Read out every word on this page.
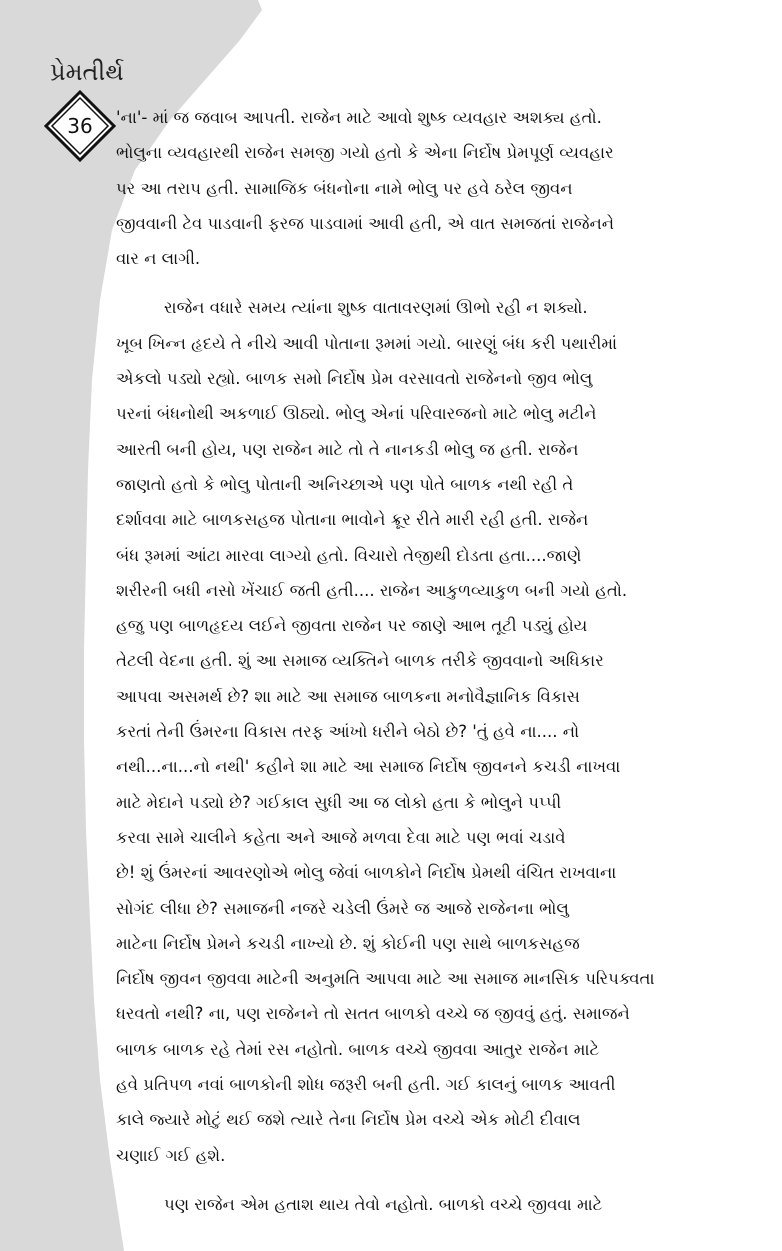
પ્રેમતીર્થ
36	'ના'- માં જ જવાબ આપતી. રાજેન માટે આવો શુષ્ક વ્યવહાર અશક્ય હતો.
ભોલુના વ્યવહારથી રાજેન સમજી ગયો હતો કે એના નિર્દોષ પ્રેમપૂર્ણ વ્યવહાર
પર આ તરાપ હતી. સામાજિક બંધનોના નામે ભોલુ પર હવે ઠરેલ જીવન
જીવવાની ટેવ પાડવાની ફરજ પાડવામાં આવી હતી, એ વાત સમજતાં રાજેનને
વાર ન લાગી.

રાજેન વધારે સમય ત્યાંના શુષ્ક વાતાવરણમાં ઊભો રહી ન શક્યો.
ખૂબ ખિન્ન હૃદયે તે નીચે આવી પોતાના રૂમમાં ગયો. બારણું બંધ કરી પથારીમાં
એકલો પડ્યો રહ્યો. બાળક સમો નિર્દોષ પ્રેમ વરસાવતો રાજેનનો જીવ ભોલુ
પરનાં બંધનોથી અકળાઈ ઊઠ્યો. ભોલુ એનાં પરિવારજનો માટે ભોલુ મટીને
આરતી બની હોય, પણ રાજેન માટે તો તે નાનકડી ભોલુ જ હતી. રાજેન
જાણતો હતો કે ભોલુ પોતાની અનિચ્છાએ પણ પોતે બાળક નથી રહી તે
દર્શાવવા માટે બાળકસહજ પોતાના ભાવોને ક્રૂર રીતે મારી રહી હતી. રાજેન
બંધ રૂમમાં આંટા મારવા લાગ્યો હતો. વિચારો તેજીથી દોડતા હતા....જાણે
શરીરની બધી નસો ખેંચાઈ જતી હતી.... રાજેન આકુળવ્યાકુળ બની ગયો હતો.
હજુ પણ બાળહૃદય લઈને જીવતા રાજેન પર જાણે આભ તૂટી પડ્યું હોય
તેટલી વેદના હતી. શું આ સમાજ વ્યક્તિને બાળક તરીકે જીવવાનો અધિકાર
આપવા અસમર્થ છે? શા માટે આ સમાજ બાળકના મનોવૈજ્ઞાનિક વિકાસ
કરતાં તેની ઉંમરના વિકાસ તરફ આંખો ધરીને બેઠો છે? 'તું હવે ના.... નો
નથી...ના...નો નથી' કહીને શા માટે આ સમાજ નિર્દોષ જીવનને કચડી નાખવા
માટે મેદાને પડ્યો છે? ગઈકાલ સુધી આ જ લોકો હતા કે ભોલુને પપ્પી
કરવા સામે ચાલીને કહેતા અને આજે મળવા દેવા માટે પણ ભવાં ચડાવે
છે! શું ઉંમરનાં આવરણોએ ભોલુ જેવાં બાળકોને નિર્દોષ પ્રેમથી વંચિત રાખવાના
સોગંદ લીધા છે? સમાજની નજરે ચડેલી ઉંમરે જ આજે રાજેનના ભોલુ
માટેના નિર્દોષ પ્રેમને કચડી નાખ્યો છે. શું કોઈની પણ સાથે બાળકસહજ
નિર્દોષ જીવન જીવવા માટેની અનુમતિ આપવા માટે આ સમાજ માનસિક પરિપક્વતા
ધરવતો નથી? ના, પણ રાજેનને તો સતત બાળકો વચ્ચે જ જીવવું હતું. સમાજને
બાળક બાળક રહે તેમાં રસ નહોતો. બાળક વચ્ચે જીવવા આતુર રાજેન માટે
હવે પ્રતિપળ નવાં બાળકોની શોધ જરૂરી બની હતી. ગઈ કાલનું બાળક આવતી
કાલે જ્યારે મોટું થઈ જશે ત્યારે તેના નિર્દોષ પ્રેમ વચ્ચે એક મોટી દીવાલ
ચણાઈ ગઈ હશે.

પણ રાજેન એમ હતાશ થાય તેવો નહોતો. બાળકો વચ્ચે જીવવા માટે
